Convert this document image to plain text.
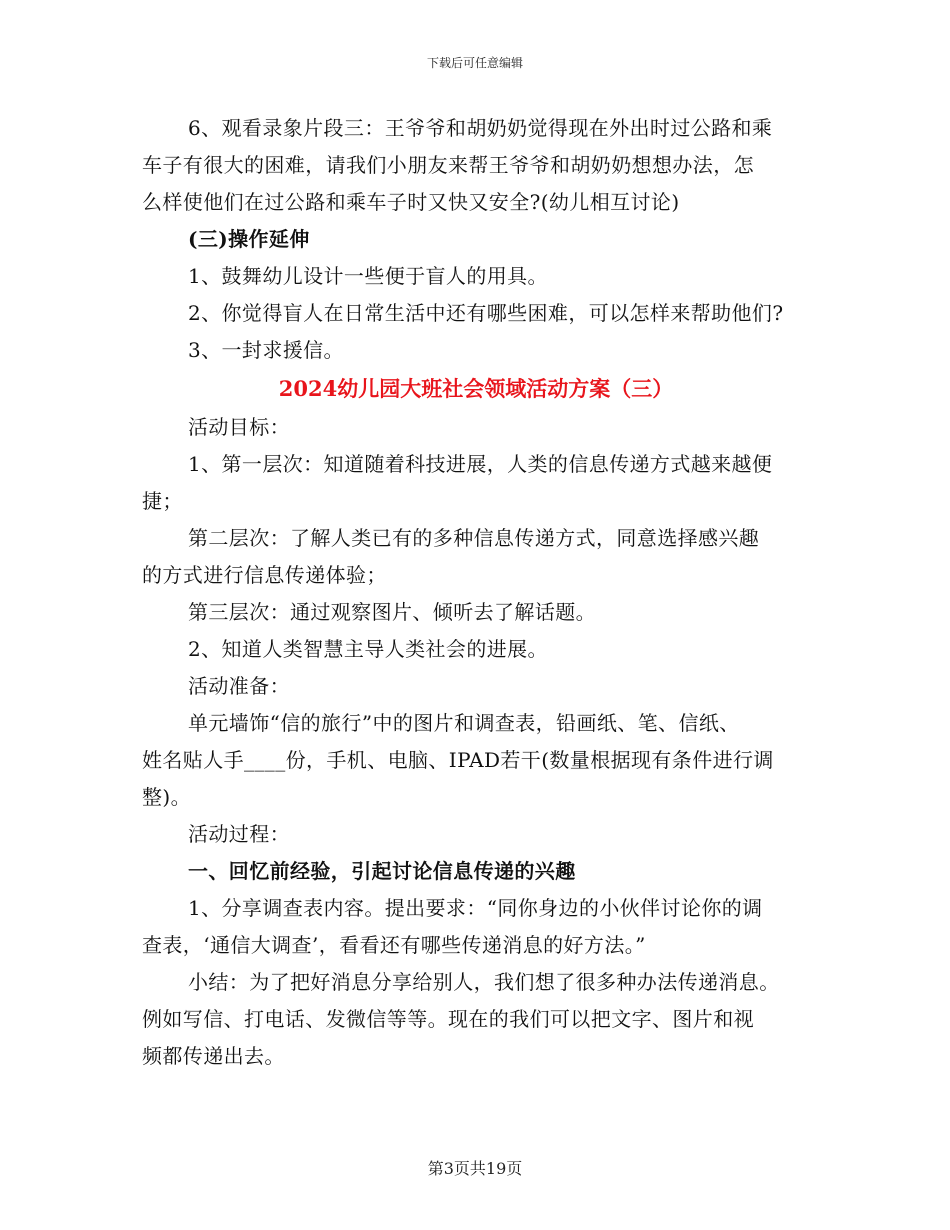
下载后可任意编辑
6、观看录象片段三：王爷爷和胡奶奶觉得现在外出时过公路和乘
车子有很大的困难，请我们小朋友来帮王爷爷和胡奶奶想想办法，怎
么样使他们在过公路和乘车子时又快又安全?(幼儿相互讨论)
(三)操作延伸
1、鼓舞幼儿设计一些便于盲人的用具。
2、你觉得盲人在日常生活中还有哪些困难，可以怎样来帮助他们?
3、一封求援信。
2024幼儿园大班社会领域活动方案（三）
活动目标：
1、第一层次：知道随着科技进展，人类的信息传递方式越来越便
捷；
第二层次：了解人类已有的多种信息传递方式，同意选择感兴趣
的方式进行信息传递体验；
第三层次：通过观察图片、倾听去了解话题。
2、知道人类智慧主导人类社会的进展。
活动准备：
单元墙饰“信的旅行”中的图片和调查表，铅画纸、笔、信纸、
姓名贴人手____份，手机、电脑、IPAD若干(数量根据现有条件进行调
整)。
活动过程：
一、回忆前经验，引起讨论信息传递的兴趣
1、分享调查表内容。提出要求：“同你身边的小伙伴讨论你的调
查表，‘通信大调查’，看看还有哪些传递消息的好方法。”
小结：为了把好消息分享给别人，我们想了很多种办法传递消息。
例如写信、打电话、发微信等等。现在的我们可以把文字、图片和视
频都传递出去。
第3页共19页
